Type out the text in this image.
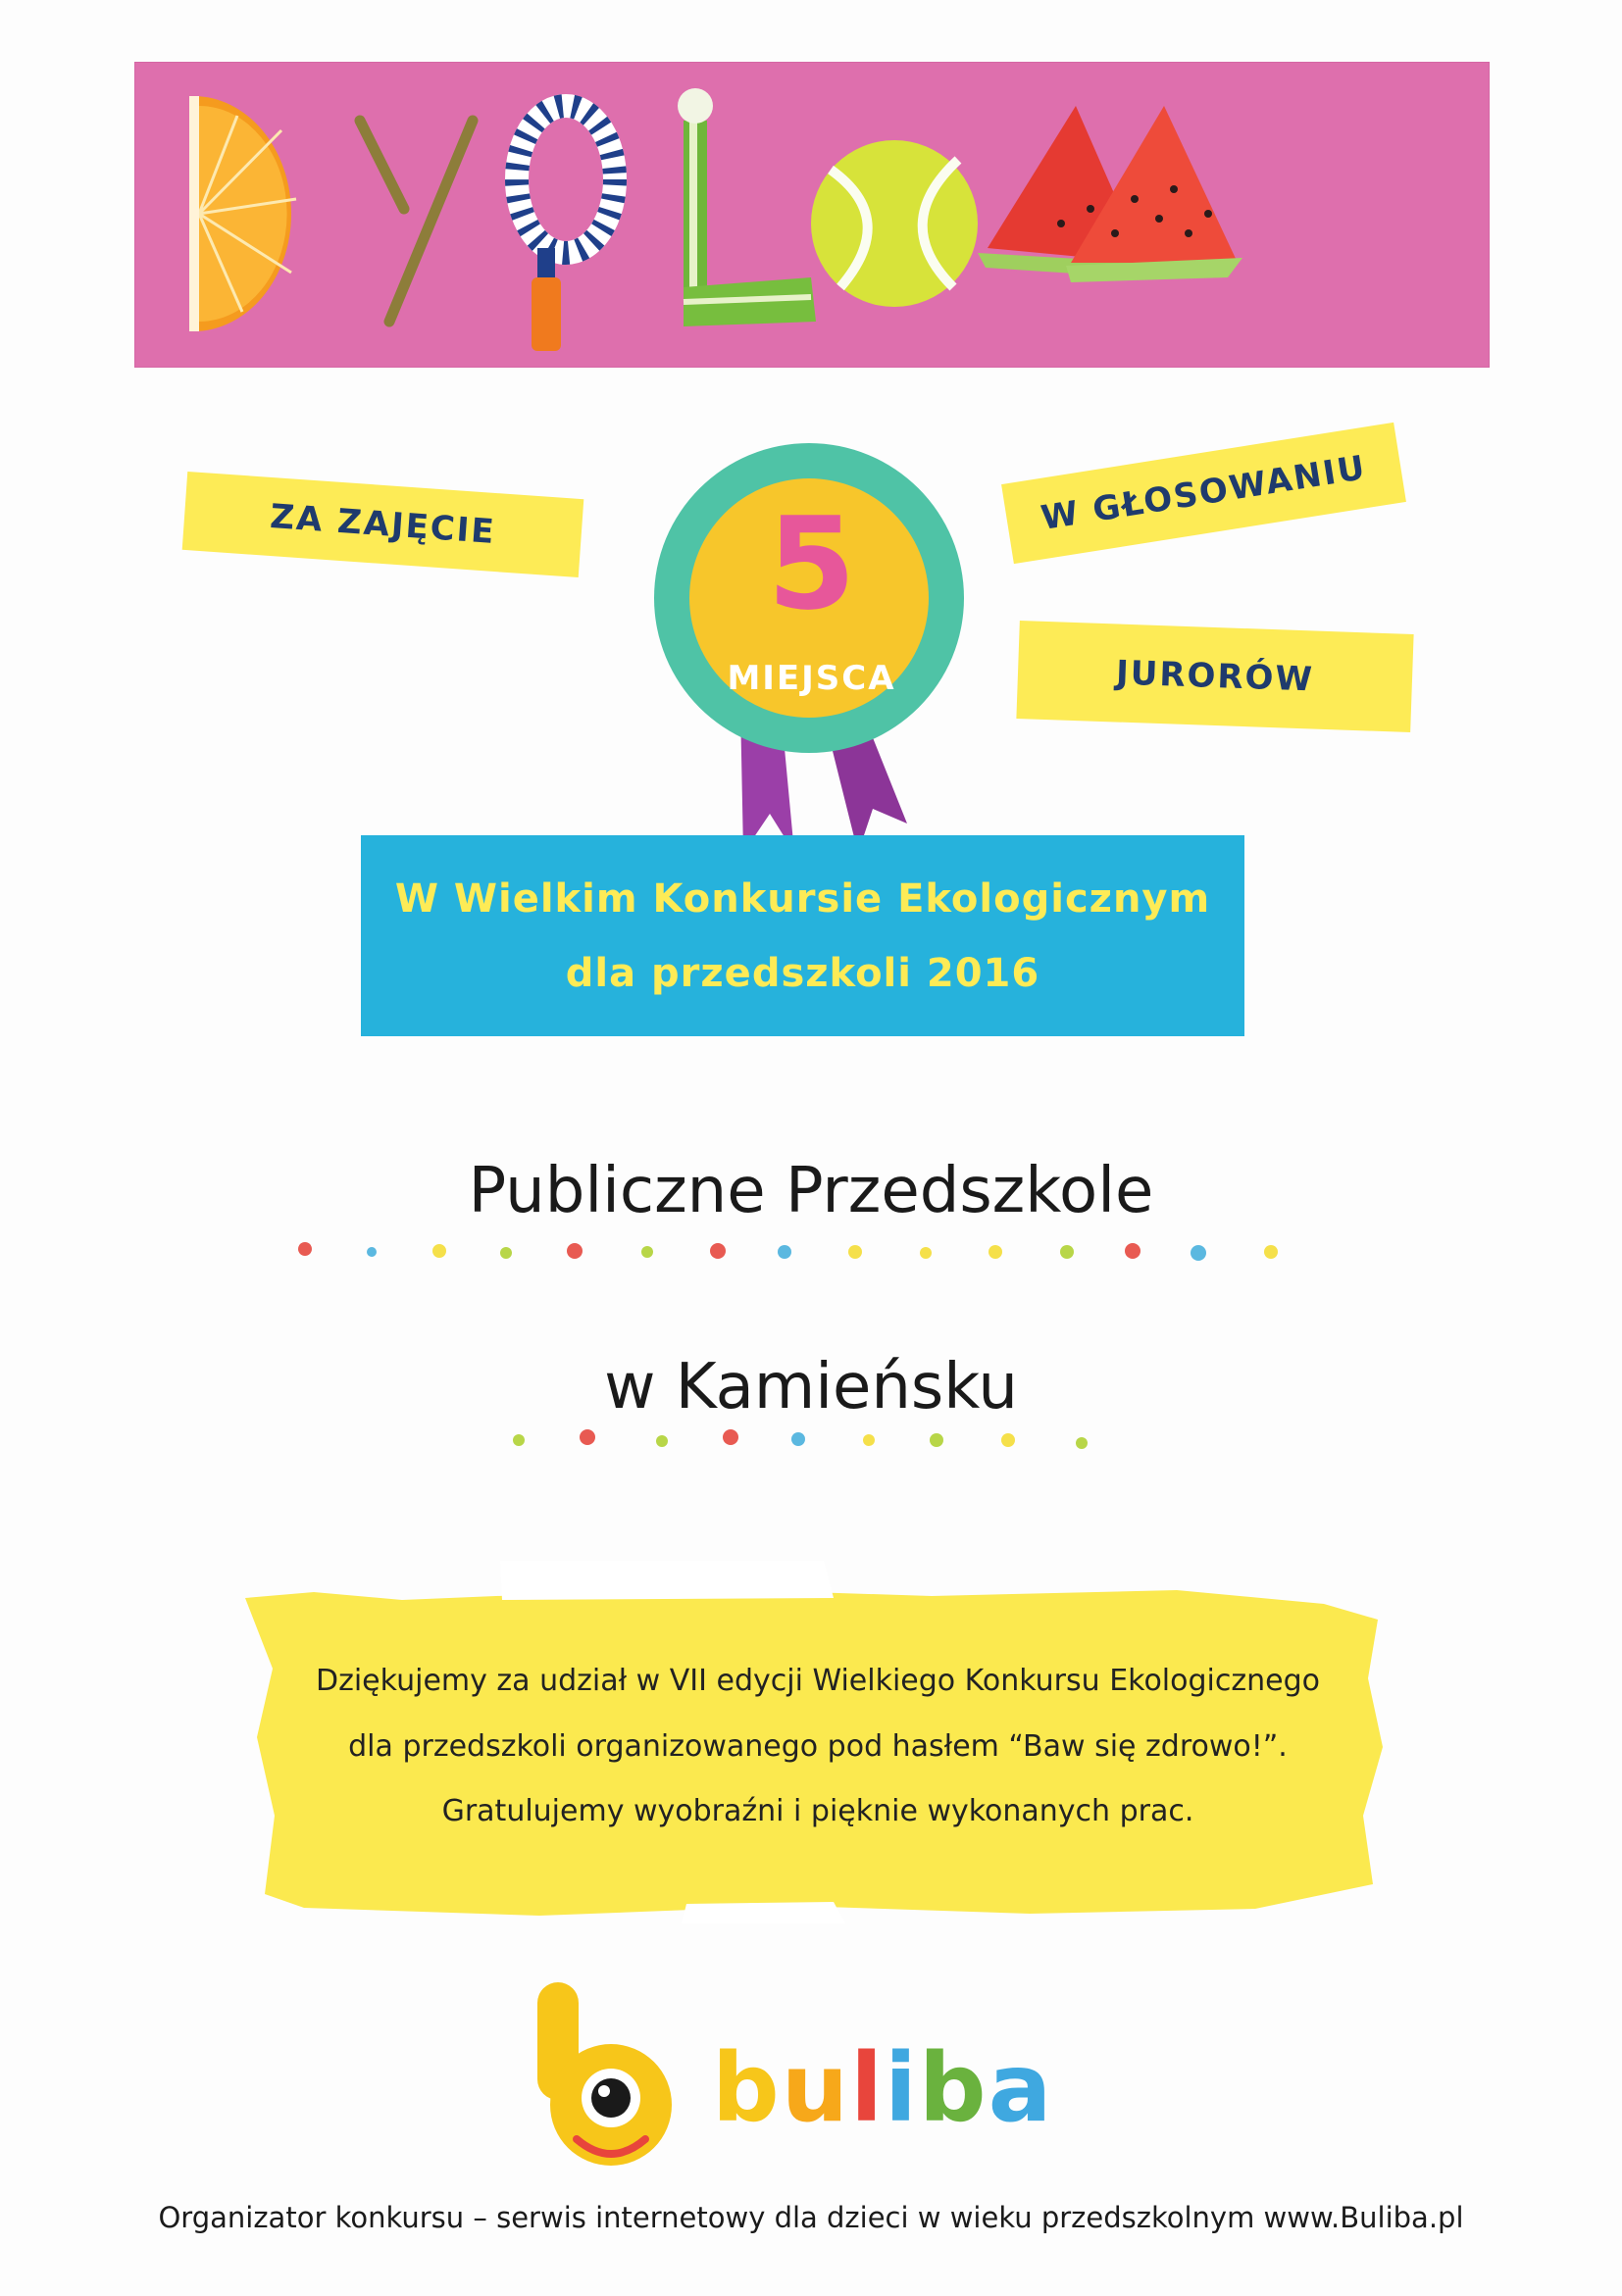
ZA ZAJĘCIE	W GŁOSOWANIU
JURORÓW
5
MIEJSCA
W Wielkim Konkursie Ekologicznym
dla przedszkoli 2016
Publiczne Przedszkole
w Kamieńsku
Dziękujemy za udział w VII edycji Wielkiego Konkursu Ekologicznego
dla przedszkoli organizowanego pod hasłem “Baw się zdrowo!”.
Gratulujemy wyobraźni i pięknie wykonanych prac.
buliba
Organizator konkursu – serwis internetowy dla dzieci w wieku przedszkolnym www.Buliba.pl
